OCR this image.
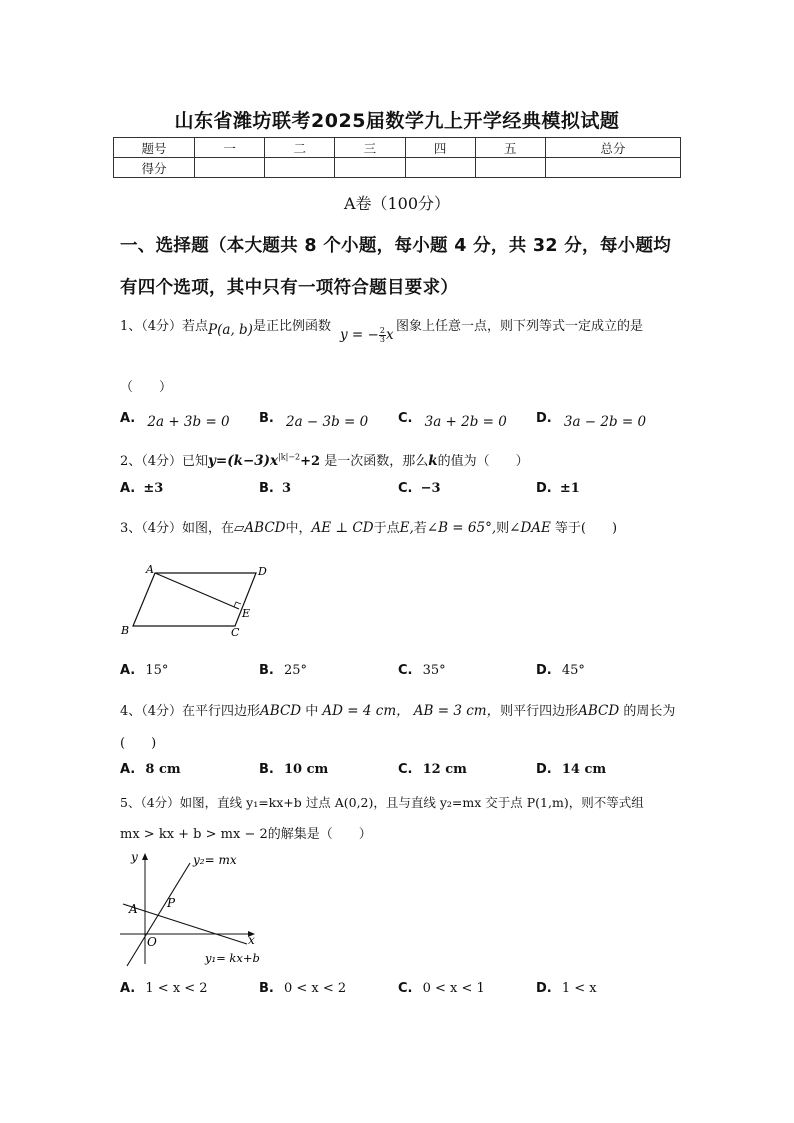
山东省潍坊联考2025届数学九上开学经典模拟试题
题号	一	二	三	四	五	总分
得分						
A卷（100分）
一、选择题（本大题共 8 个小题，每小题 4 分，共 32 分，每小题均
有四个选项，其中只有一项符合题目要求）
1、（4分）若点P(a, b)是正比例函数
y = − $\frac{2}{3}$ x
图象上任意一点，则下列等式一定成立的是
（　　）
A. 2a + 3b = 0 B. 2a − 3b = 0 C. 3a + 2b = 0 D. 3a − 2b = 0
2、（4分）已知$y=(k-3)x^{|k|-2}+2$ 是一次函数，那么k的值为（　　）
A. ±3	B. 3	C. −3	D. ±1
3、（4分）如图，在▱ABCD中，AE ⊥ CD于点E,若∠B = 65°,则∠DAE 等于(　　)
A	D
B	C
E
A. 15°	B. 25°	C. 35°	D. 45°
4、（4分）在平行四边形ABCD 中 AD = 4 cm， AB = 3 cm，则平行四边形ABCD 的周长为
(　　)
A. 8 cm	B. 10 cm	C. 12 cm	D. 14 cm
5、（4分）如图，直线 y₁=kx+b 过点 A(0,2)，且与直线 y₂=mx 交于点 P(1,m)，则不等式组
mx > kx + b > mx − 2的解集是（　　）
y
x
A P
O
y₂= mx
y₁= kx+b
A. 1 < x < 2	B. 0 < x < 2	C. 0 < x < 1	D. 1 < x
